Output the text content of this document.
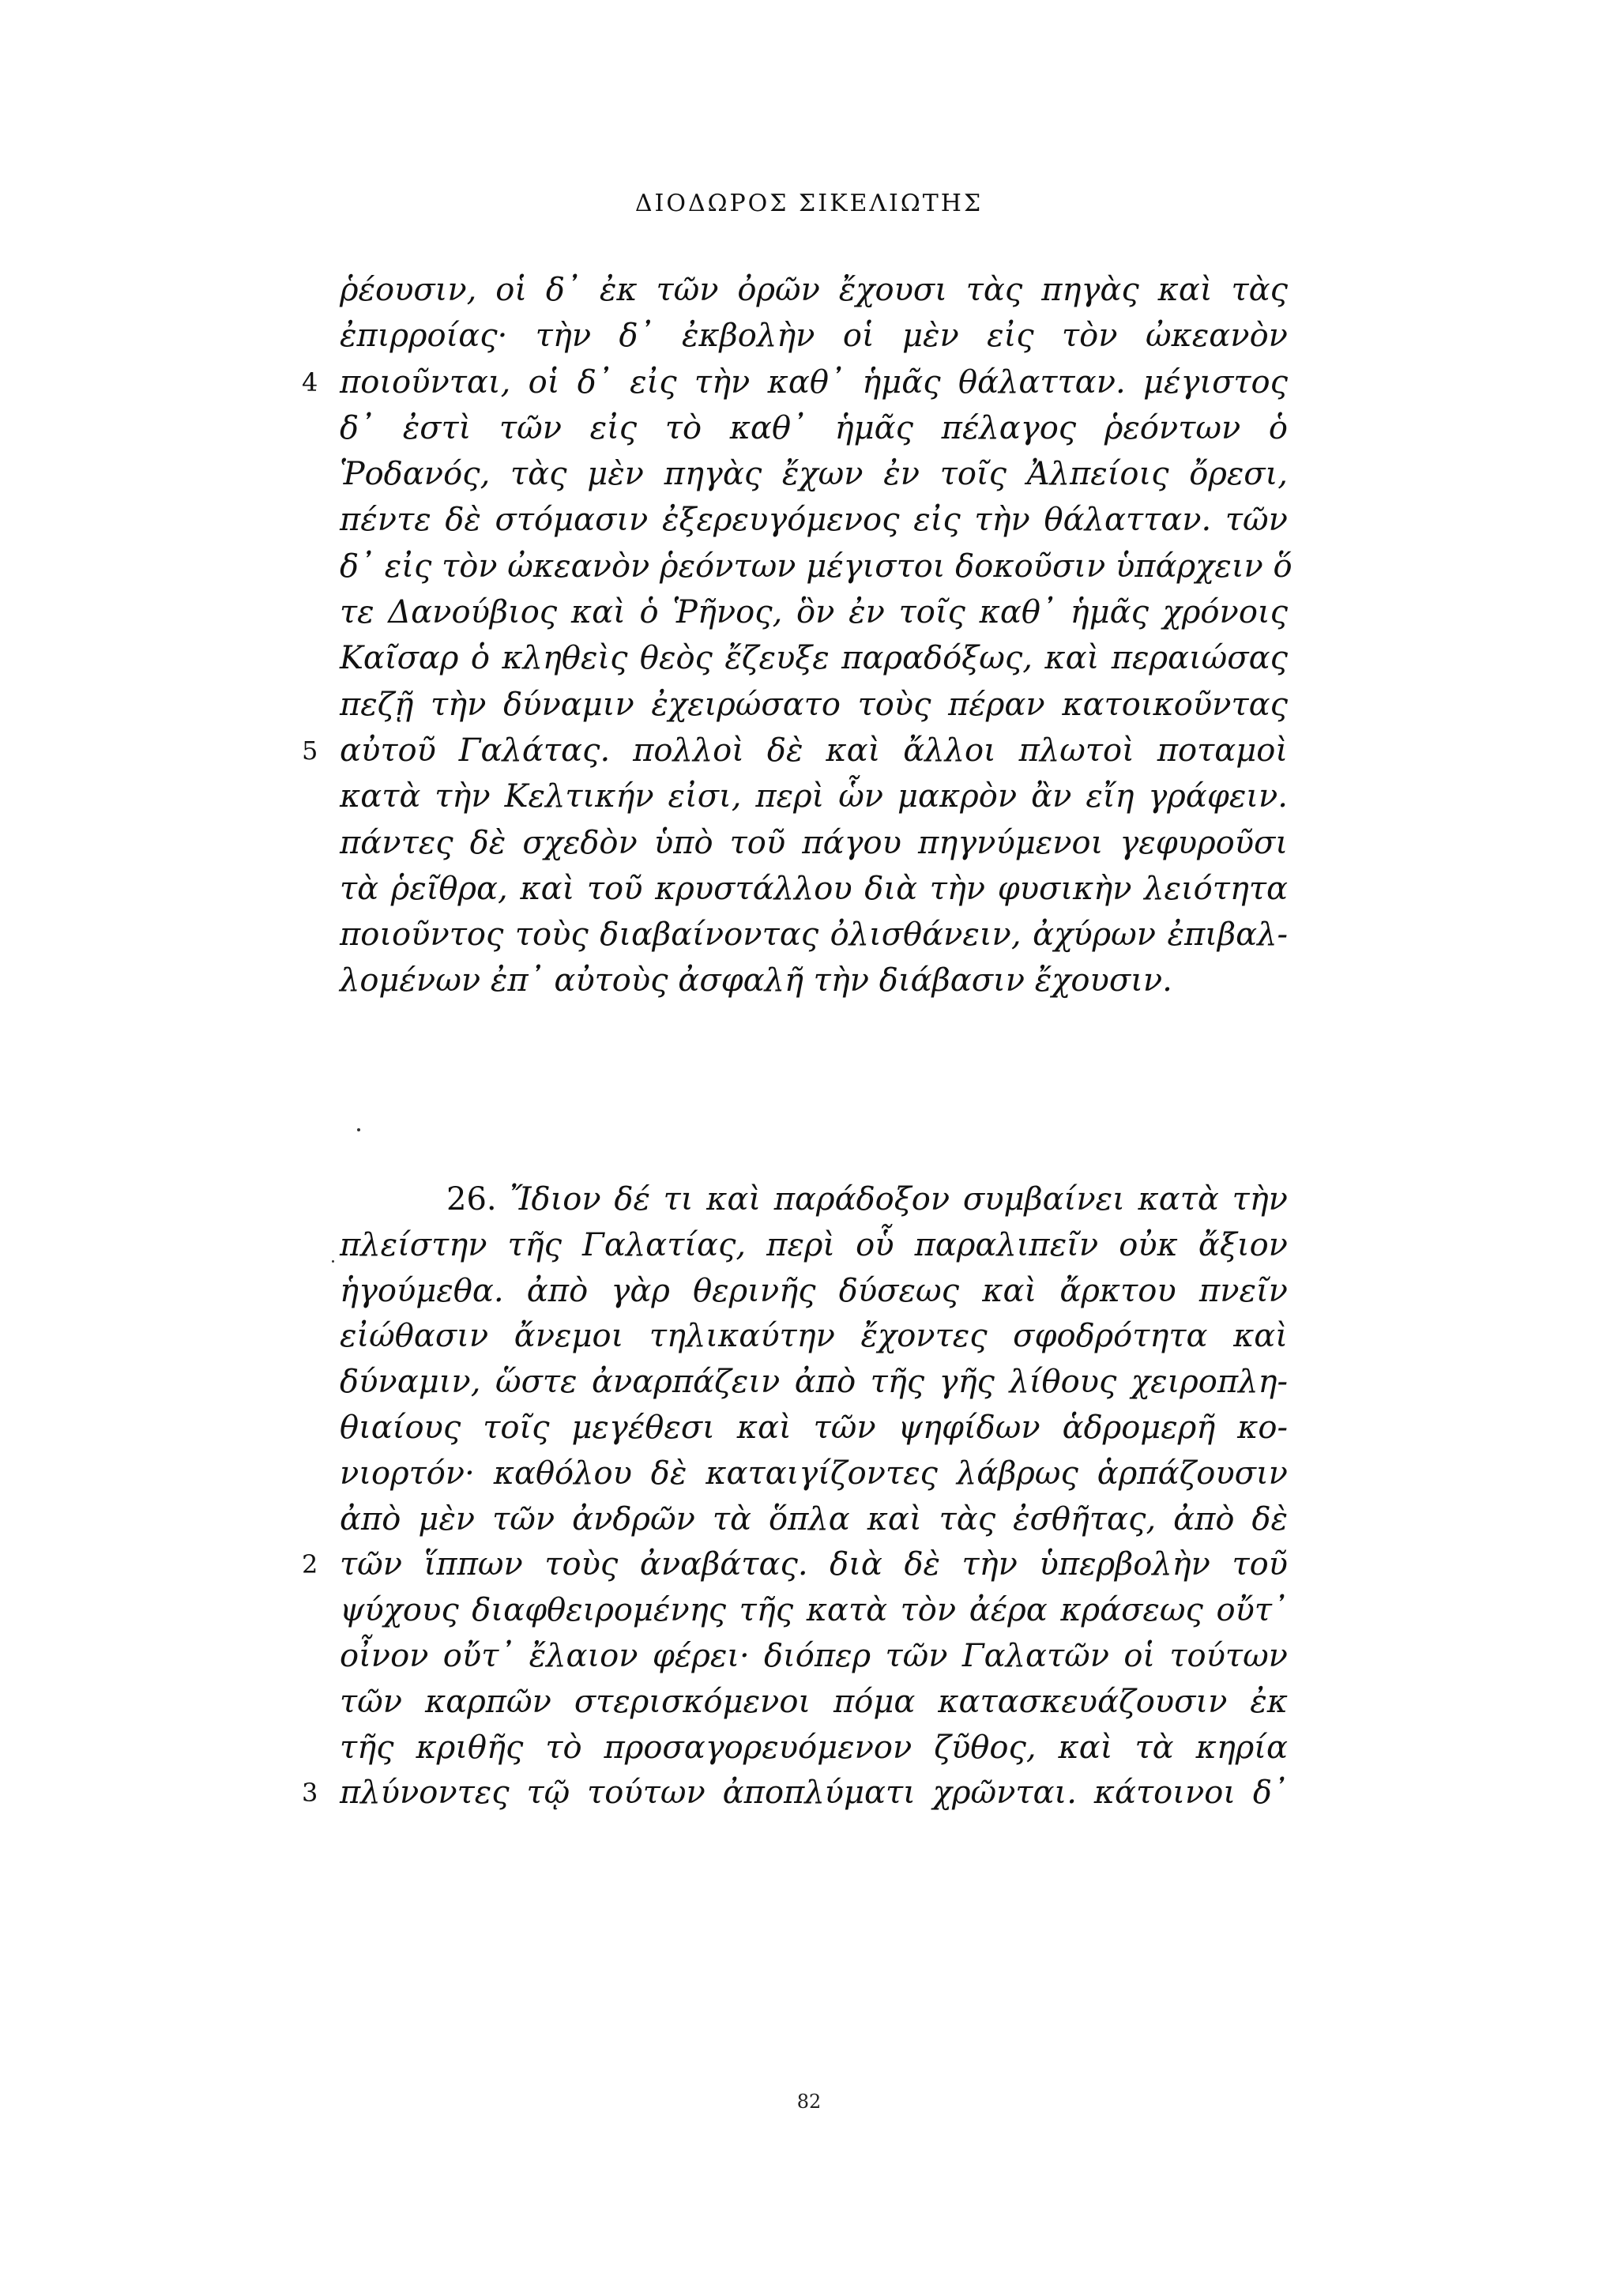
ΔΙΟΔΩΡΟΣ ΣΙΚΕΛΙΩΤΗΣ
ῥέουσιν, οἱ δ᾽ ἐκ τῶν ὀρῶν ἔχουσι τὰς πηγὰς καὶ τὰς
ἐπιρροίας· τὴν δ᾽ ἐκβολὴν οἱ μὲν εἰς τὸν ὠκεανὸν
4 ποιοῦνται, οἱ δ᾽ εἰς τὴν καθ᾽ ἡμᾶς θάλατταν. μέγιστος
δ᾽ ἐστὶ τῶν εἰς τὸ καθ᾽ ἡμᾶς πέλαγος ῥεόντων ὁ
Ῥοδανός, τὰς μὲν πηγὰς ἔχων ἐν τοῖς Ἀλπείοις ὄρεσι,
πέντε δὲ στόμασιν ἐξερευγόμενος εἰς τὴν θάλατταν. τῶν
δ᾽ εἰς τὸν ὠκεανὸν ῥεόντων μέγιστοι δοκοῦσιν ὑπάρχειν ὅ
τε Δανούβιος καὶ ὁ Ῥῆνος, ὃν ἐν τοῖς καθ᾽ ἡμᾶς χρόνοις
Καῖσαρ ὁ κληθεὶς θεὸς ἔζευξε παραδόξως, καὶ περαιώσας
πεζῇ τὴν δύναμιν ἐχειρώσατο τοὺς πέραν κατοικοῦντας
5 αὐτοῦ Γαλάτας. πολλοὶ δὲ καὶ ἄλλοι πλωτοὶ ποταμοὶ
κατὰ τὴν Κελτικήν εἰσι, περὶ ὧν μακρὸν ἂν εἴη γράφειν.
πάντες δὲ σχεδὸν ὑπὸ τοῦ πάγου πηγνύμενοι γεφυροῦσι
τὰ ῥεῖθρα, καὶ τοῦ κρυστάλλου διὰ τὴν φυσικὴν λειότητα
ποιοῦντος τοὺς διαβαίνοντας ὀλισθάνειν, ἀχύρων ἐπιβαλ-
λομένων ἐπ᾽ αὐτοὺς ἀσφαλῆ τὴν διάβασιν ἔχουσιν.
26. Ἴδιον δέ τι καὶ παράδοξον συμβαίνει κατὰ τὴν
πλείστην τῆς Γαλατίας, περὶ οὗ παραλιπεῖν οὐκ ἄξιον
ἡγούμεθα. ἀπὸ γὰρ θερινῆς δύσεως καὶ ἄρκτου πνεῖν
εἰώθασιν ἄνεμοι τηλικαύτην ἔχοντες σφοδρότητα καὶ
δύναμιν, ὥστε ἀναρπάζειν ἀπὸ τῆς γῆς λίθους χειροπλη-
θιαίους τοῖς μεγέθεσι καὶ τῶν ψηφίδων ἁδρομερῆ κο-
νιορτόν· καθόλου δὲ καταιγίζοντες λάβρως ἁρπάζουσιν
ἀπὸ μὲν τῶν ἀνδρῶν τὰ ὅπλα καὶ τὰς ἐσθῆτας, ἀπὸ δὲ
2 τῶν ἵππων τοὺς ἀναβάτας. διὰ δὲ τὴν ὑπερβολὴν τοῦ
ψύχους διαφθειρομένης τῆς κατὰ τὸν ἀέρα κράσεως οὔτ᾽
οἶνον οὔτ᾽ ἔλαιον φέρει· διόπερ τῶν Γαλατῶν οἱ τούτων
τῶν καρπῶν στερισκόμενοι πόμα κατασκευάζουσιν ἐκ
τῆς κριθῆς τὸ προσαγορευόμενον ζῦθος, καὶ τὰ κηρία
3 πλύνοντες τῷ τούτων ἀποπλύματι χρῶνται. κάτοινοι δ᾽
82
